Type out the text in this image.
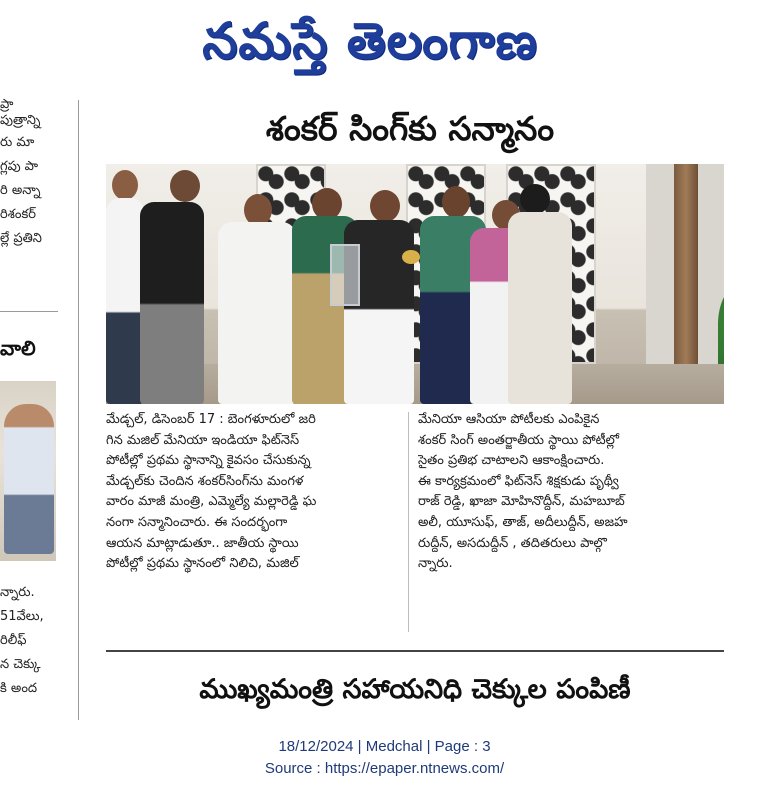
నమస్తే తెలంగాణ
ప్రా
పుత్రాన్ని
రు మా
గ్లపు పా
రి అన్నా
రిశంకర్
ల్లే ప్రతిని
వాలి
న్నారు.
51వేలు,
రిలీఫ్
న చెక్కు
కి అంద
శంకర్ సింగ్‌కు సన్మానం

మేడ్చల్, డిసెంబర్ 17 : బెంగళూరులో జరి

గిన మజిల్ మేనియా ఇండియా ఫిట్‌నెస్

పోటీల్లో ప్రథమ స్థానాన్ని కైవసం చేసుకున్న

మేడ్చల్‌కు చెందిన శంకర్‌సింగ్‌ను మంగళ

వారం మాజీ మంత్రి, ఎమ్మెల్యే మల్లారెడ్డి ఘ

నంగా సన్మానించారు. ఈ సందర్భంగా

ఆయన మాట్లాడుతూ.. జాతీయ స్థాయి

పోటీల్లో ప్రథమ స్థానంలో నిలిచి, మజిల్

మేనియా ఆసియా పోటీలకు ఎంపికైన

శంకర్ సింగ్ అంతర్జాతీయ స్థాయి పోటీల్లో

సైతం ప్రతిభ చాటాలని ఆకాంక్షించారు.

ఈ కార్యక్రమంలో ఫిట్‌నెస్ శిక్షకుడు పృథ్వీ

రాజ్ రెడ్డి, ఖాజా మోహినొద్దీన్, మహబూబ్

అలీ, యూసుఫ్, తాజ్, అదీలుద్దీన్, అజహ

రుద్దీన్, అసదుద్దీన్ , తదితరులు పాల్గొ

న్నారు.

ముఖ్యమంత్రి సహాయనిధి చెక్కుల పంపిణీ
18/12/2024 | Medchal | Page : 3
Source : https://epaper.ntnews.com/
